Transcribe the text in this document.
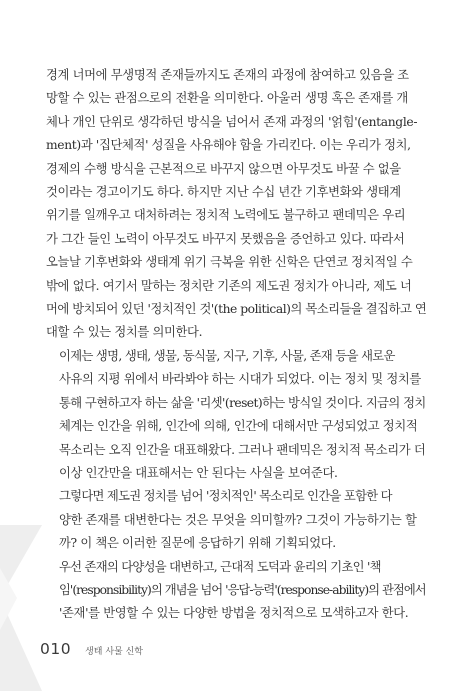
경계 너머에 무생명적 존재들까지도 존재의 과정에 참여하고 있음을 조
망할 수 있는 관점으로의 전환을 의미한다. 아울러 생명 혹은 존재를 개
체나 개인 단위로 생각하던 방식을 넘어서 존재 과정의 '얽힘'(entangle-
ment)과 '집단체적' 성질을 사유해야 함을 가리킨다. 이는 우리가 정치,
경제의 수행 방식을 근본적으로 바꾸지 않으면 아무것도 바꿀 수 없을
것이라는 경고이기도 하다. 하지만 지난 수십 년간 기후변화와 생태계
위기를 일깨우고 대처하려는 정치적 노력에도 불구하고 팬데믹은 우리
가 그간 들인 노력이 아무것도 바꾸지 못했음을 증언하고 있다. 따라서
오늘날 기후변화와 생태계 위기 극복을 위한 신학은 단연코 정치적일 수
밖에 없다. 여기서 말하는 정치란 기존의 제도권 정치가 아니라, 제도 너
머에 방치되어 있던 '정치적인 것'(the political)의 목소리들을 결집하고 연
대할 수 있는 정치를 의미한다.

이제는 생명, 생태, 생물, 동식물, 지구, 기후, 사물, 존재 등을 새로운
사유의 지평 위에서 바라봐야 하는 시대가 되었다. 이는 정치 및 정치를
통해 구현하고자 하는 삶을 '리셋'(reset)하는 방식일 것이다. 지금의 정치
체계는 인간을 위해, 인간에 의해, 인간에 대해서만 구성되었고 정치적
목소리는 오직 인간을 대표해왔다. 그러나 팬데믹은 정치적 목소리가 더
이상 인간만을 대표해서는 안 된다는 사실을 보여준다.

그렇다면 제도권 정치를 넘어 '정치적인' 목소리로 인간을 포함한 다
양한 존재를 대변한다는 것은 무엇을 의미할까? 그것이 가능하기는 할
까? 이 책은 이러한 질문에 응답하기 위해 기획되었다.

우선 존재의 다양성을 대변하고, 근대적 도덕과 윤리의 기초인 '책
임'(responsibility)의 개념을 넘어 '응답-능력'(response-ability)의 관점에서
'존재'를 반영할 수 있는 다양한 방법을 정치적으로 모색하고자 한다.

010 생태 사물 신학
